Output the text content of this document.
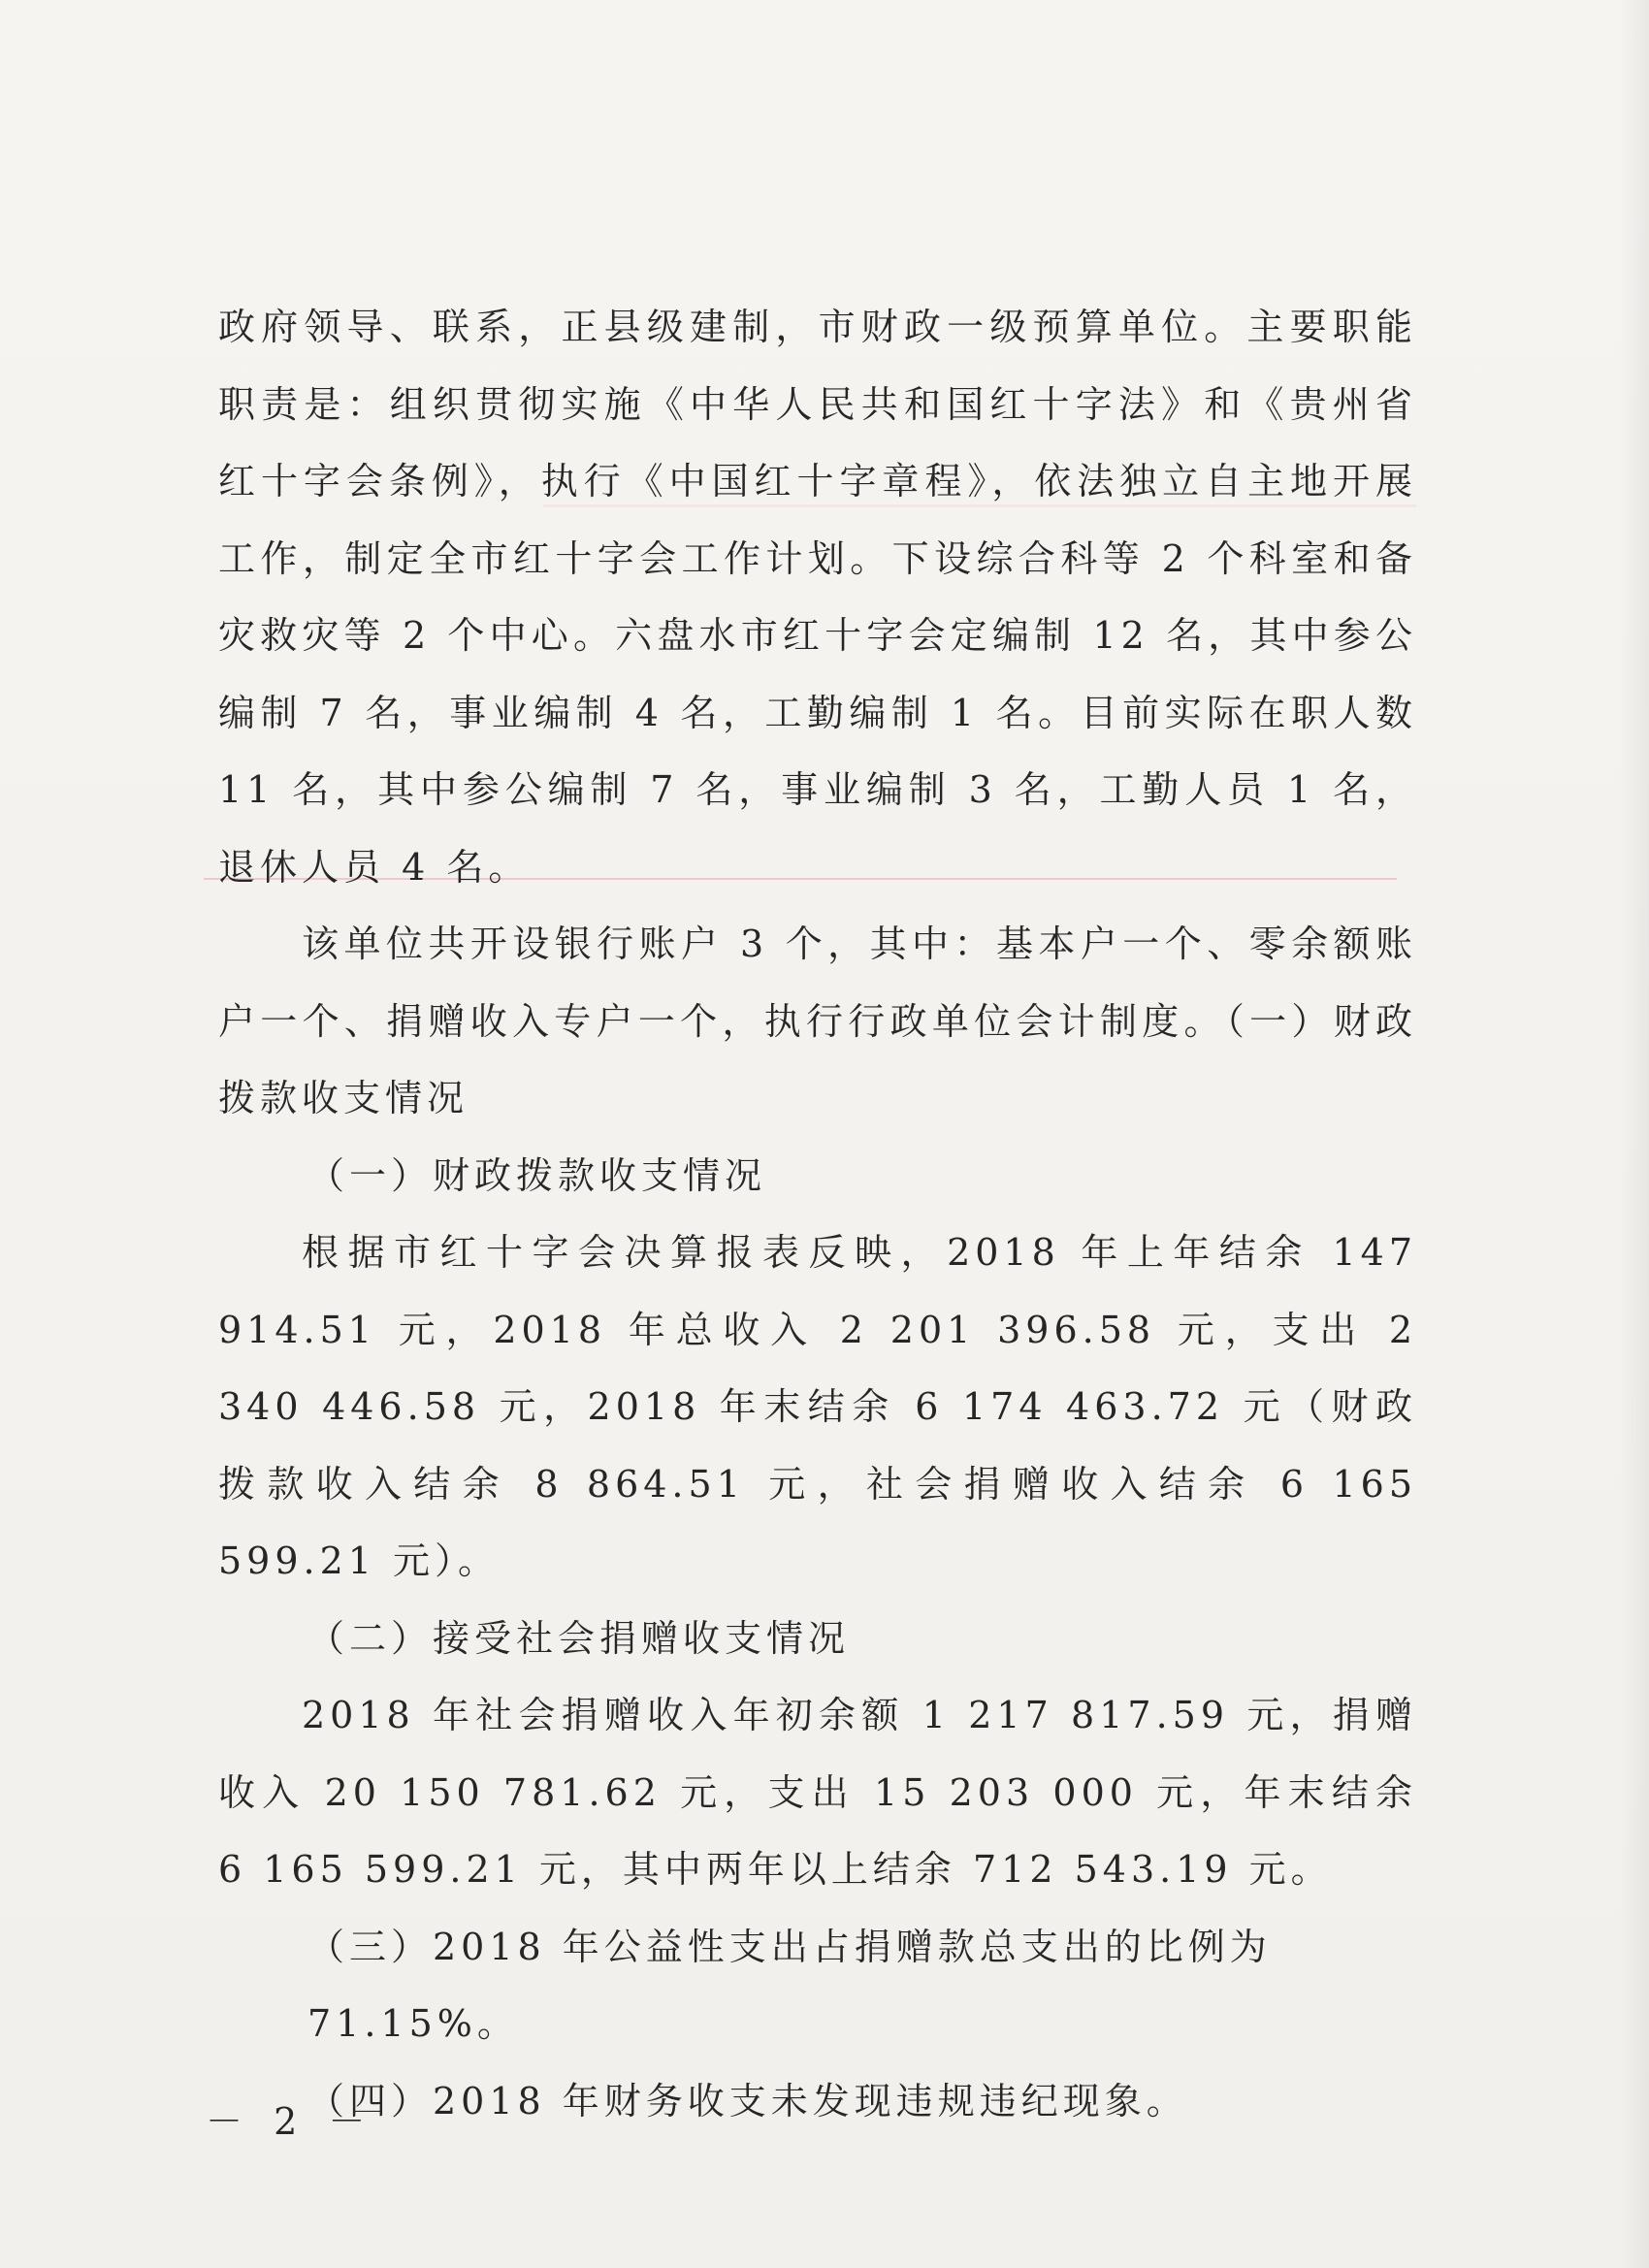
政府领导、联系，正县级建制，市财政一级预算单位。主要职能职责是：组织贯彻实施《中华人民共和国红十字法》和《贵州省红十字会条例》，执行《中国红十字章程》，依法独立自主地开展工作，制定全市红十字会工作计划。下设综合科等 2 个科室和备灾救灾等 2 个中心。六盘水市红十字会定编制 12 名，其中参公编制 7 名，事业编制 4 名，工勤编制 1 名。目前实际在职人数 11 名，其中参公编制 7 名，事业编制 3 名，工勤人员 1 名，退休人员 4 名。

该单位共开设银行账户 3 个，其中：基本户一个、零余额账户一个、捐赠收入专户一个，执行行政单位会计制度。（一）财政拨款收支情况

（一）财政拨款收支情况

根据市红十字会决算报表反映，2018 年上年结余 147 914.51 元，2018 年总收入 2 201 396.58 元，支出 2 340 446.58 元，2018 年末结余 6 174 463.72 元（财政拨款收入结余 8 864.51 元，社会捐赠收入结余 6 165 599.21 元）。

（二）接受社会捐赠收支情况

2018 年社会捐赠收入年初余额 1 217 817.59 元，捐赠收入 20 150 781.62 元，支出 15 203 000 元，年末结余 6 165 599.21 元，其中两年以上结余 712 543.19 元。

（三）2018 年公益性支出占捐赠款总支出的比例为 71.15%。

（四）2018 年财务收支未发现违规违纪现象。

－ 2 －
